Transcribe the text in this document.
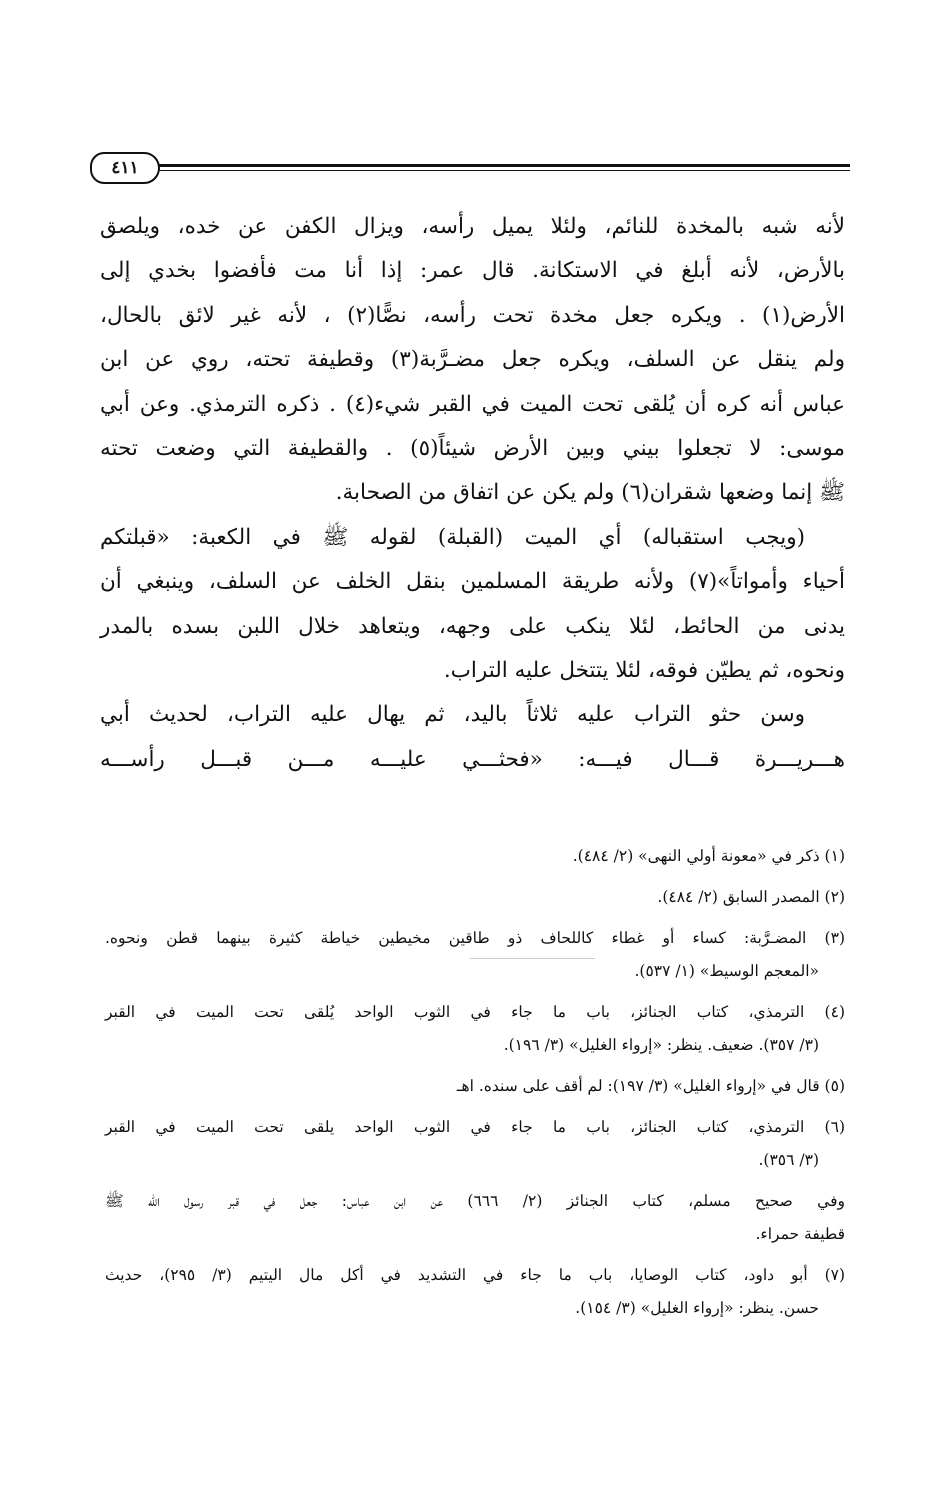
٤١١
لأنه شبه بالمخدة للنائم، ولئلا يميل رأسه، ويزال الكفن عن خده، ويلصق
بالأرض، لأنه أبلغ في الاستكانة. قال عمر: إذا أنا مت فأفضوا بخدي إلى
الأرض(١) . ويكره جعل مخدة تحت رأسه، نصًّا(٢) ، لأنه غير لائق بالحال،
ولم ينقل عن السلف، ويكره جعل مضـرَّبة(٣) وقطيفة تحته، روي عن ابن
عباس أنه كره أن يُلقى تحت الميت في القبر شيء(٤) . ذكره الترمذي. وعن أبي
موسى: لا تجعلوا بيني وبين الأرض شيئاً(٥) . والقطيفة التي وضعت تحته
ﷺ إنما وضعها شقران(٦) ولم يكن عن اتفاق من الصحابة.
(ويجب استقباله) أي الميت (القبلة) لقوله ﷺ في الكعبة: «قبلتكم
أحياء وأمواتاً»(٧) ولأنه طريقة المسلمين بنقل الخلف عن السلف، وينبغي أن
يدنى من الحائط، لئلا ينكب على وجهه، ويتعاهد خلال اللبن بسده بالمدر
ونحوه، ثم يطيّن فوقه، لئلا يتتخل عليه التراب.
وسن حثو التراب عليه ثلاثاً باليد، ثم يهال عليه التراب، لحديث أبي
هـــريـــرة قـــال فيـــه: «فحثـــي عليـــه مـــن قبـــل رأســـه
(١) ذكر في «معونة أولي النهى» (٢/ ٤٨٤).
(٢) المصدر السابق (٢/ ٤٨٤).
(٣) المضـرَّبة: كساء أو غطاء كاللحاف ذو طاقين مخيطين خياطة كثيرة بينهما قطن ونحوه.
«المعجم الوسيط» (١/ ٥٣٧).
(٤) الترمذي، كتاب الجنائز، باب ما جاء في الثوب الواحد يُلقى تحت الميت في القبر
(٣/ ٣٥٧). ضعيف. ينظر: «إرواء الغليل» (٣/ ١٩٦).
(٥) قال في «إرواء الغليل» (٣/ ١٩٧): لم أقف على سنده. اهـ
(٦) الترمذي، كتاب الجنائز، باب ما جاء في الثوب الواحد يلقى تحت الميت في القبر
(٣/ ٣٥٦).
وفي صحيح مسلم، كتاب الجنائز (٢/ ٦٦٦) عن ابن عباس: جعل في قبر رسول الله ﷺ
قطيفة حمراء.
(٧) أبو داود، كتاب الوصايا، باب ما جاء في التشديد في أكل مال اليتيم (٣/ ٢٩٥)، حديث
حسن. ينظر: «إرواء الغليل» (٣/ ١٥٤).
